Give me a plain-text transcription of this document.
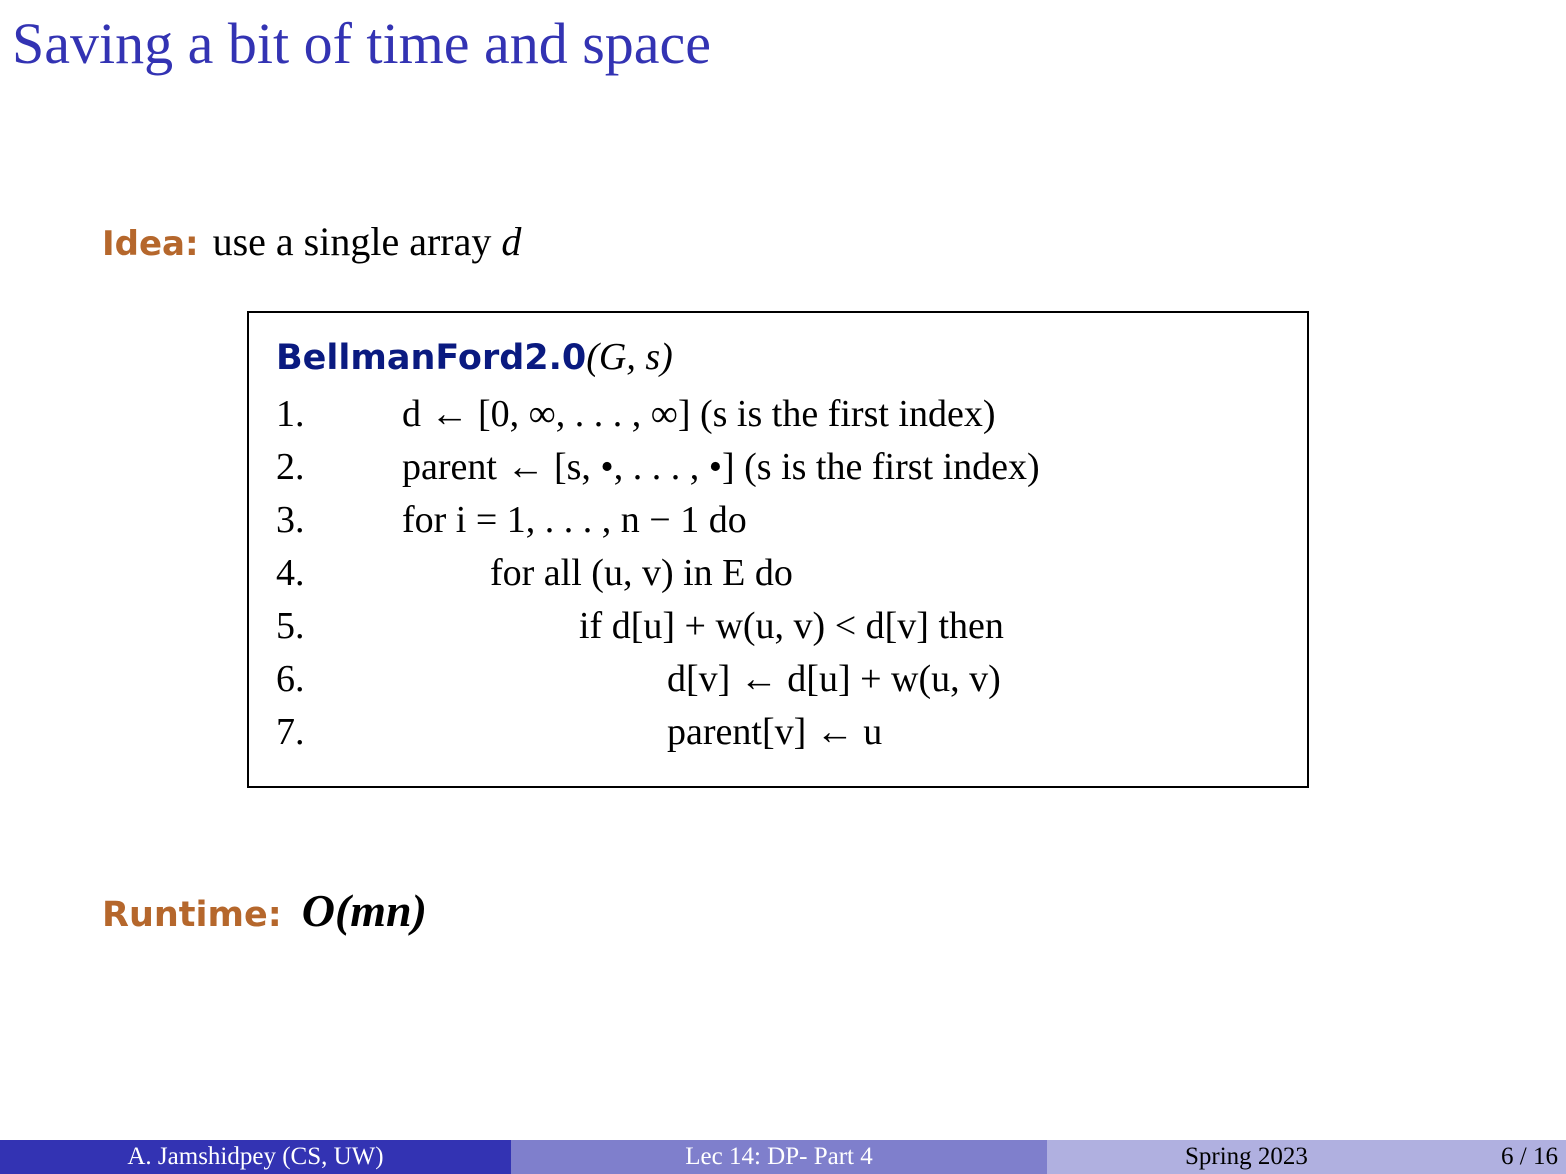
Saving a bit of time and space
Idea: use a single array d
BellmanFord2.0(G, s)
1.	d ← [0, ∞, . . . , ∞] (s is the first index)
2.	parent ← [s, •, . . . , •] (s is the first index)
3.	for i = 1, . . . , n − 1 do
4.	for all (u, v) in E do
5.	if d[u] + w(u, v) < d[v] then
6.	d[v] ← d[u] + w(u, v)
7.	parent[v] ← u
Runtime: O(mn)
A. Jamshidpey (CS, UW)	Lec 14: DP- Part 4	Spring 2023	6 / 16
